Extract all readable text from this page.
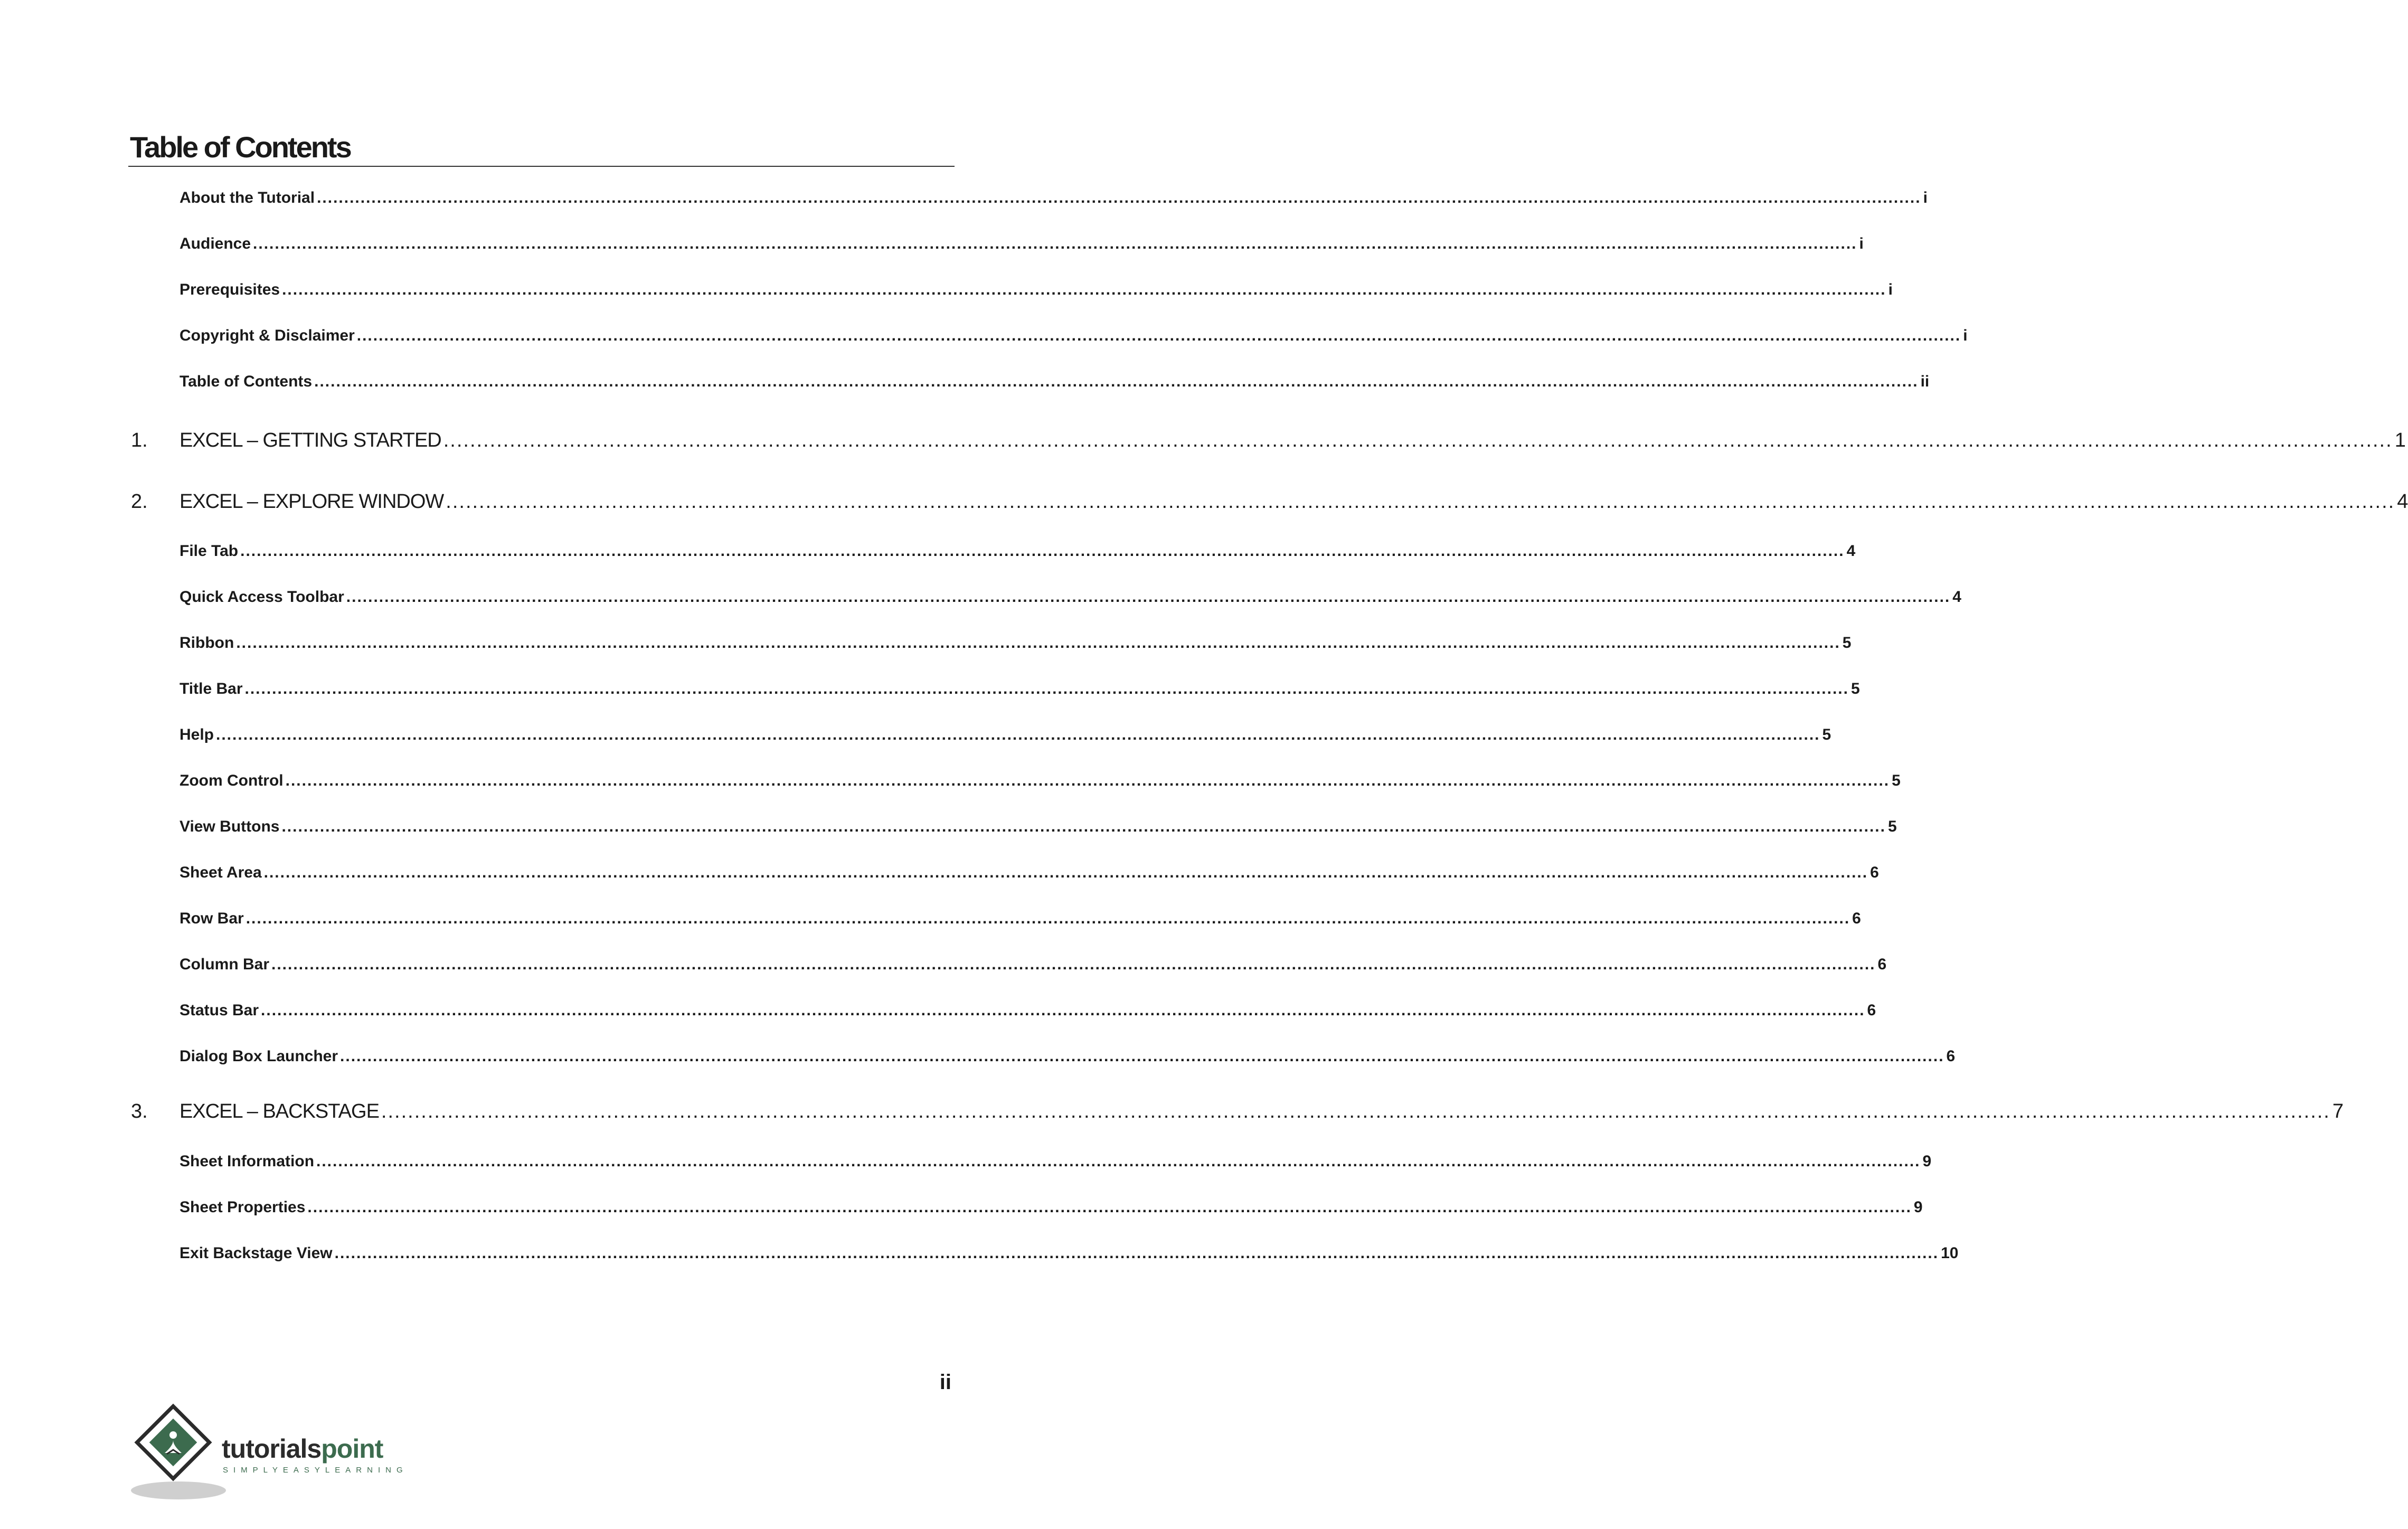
Table of Contents
About the Tutorial ...................................................................................................................................................................................................................................................................................................... i
Audience ...................................................................................................................................................................................................................................................................................................... i
Prerequisites ...................................................................................................................................................................................................................................................................................................... i
Copyright & Disclaimer ...................................................................................................................................................................................................................................................................................................... i
Table of Contents ...................................................................................................................................................................................................................................................................................................... ii
1.	EXCEL – GETTING STARTED ...................................................................................................................................................................................................................................................................................................... 1
2.	EXCEL – EXPLORE WINDOW ...................................................................................................................................................................................................................................................................................................... 4
File Tab ...................................................................................................................................................................................................................................................................................................... 4
Quick Access Toolbar ...................................................................................................................................................................................................................................................................................................... 4
Ribbon ...................................................................................................................................................................................................................................................................................................... 5
Title Bar ...................................................................................................................................................................................................................................................................................................... 5
Help ...................................................................................................................................................................................................................................................................................................... 5
Zoom Control ...................................................................................................................................................................................................................................................................................................... 5
View Buttons ...................................................................................................................................................................................................................................................................................................... 5
Sheet Area ...................................................................................................................................................................................................................................................................................................... 6
Row Bar ...................................................................................................................................................................................................................................................................................................... 6
Column Bar ...................................................................................................................................................................................................................................................................................................... 6
Status Bar ...................................................................................................................................................................................................................................................................................................... 6
Dialog Box Launcher ...................................................................................................................................................................................................................................................................................................... 6
3.	EXCEL – BACKSTAGE ...................................................................................................................................................................................................................................................................................................... 7
Sheet Information ...................................................................................................................................................................................................................................................................................................... 9
Sheet Properties ...................................................................................................................................................................................................................................................................................................... 9
Exit Backstage View ...................................................................................................................................................................................................................................................................................................... 10
ii
tutorialspoint
SIMPLYEASYLEARNING
